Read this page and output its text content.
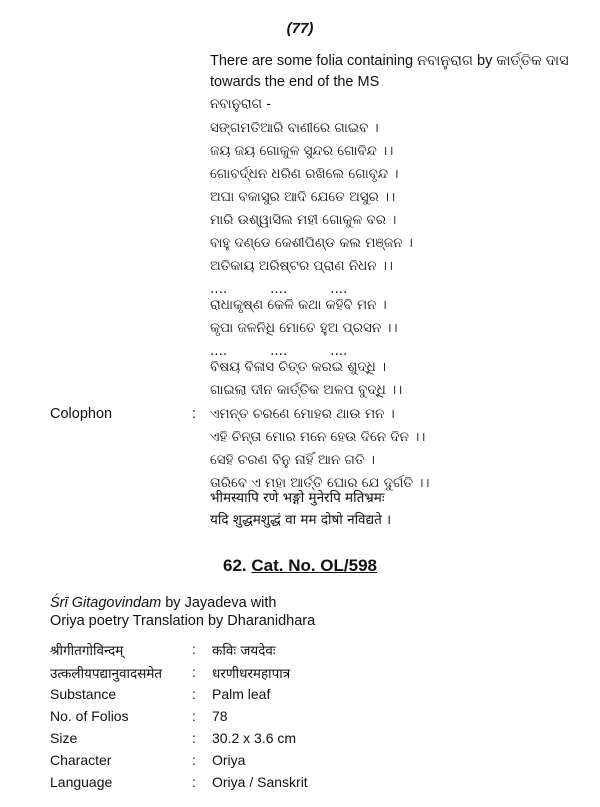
(77)
There are some folia containing ନବାନୁରାଗ by କାର୍ତ୍ତିକ ଦାସ
towards the end of the MS
ନବାନୁରାଗ -
ସଙ୍ଗମତିଆରି ବାଣୀରେ ଗାଇବ ।
ଜୟ ଜୟ ଗୋକୁଳ ସୁନ୍ଦର ଗୋବିନ୍ଦ ।।
ଗୋବର୍ଦ୍ଧନ ଧରିଣ ରଖିଲେ ଗୋବୃନ୍ଦ ।
ଅଘା ବକାସୁର ଆଦି ଯେତେ ଅସୁର ।।
ମାରି ଉଶ୍ୱାସିଲ ମହୀ ଗୋକୁଳ ବର ।
ବାହୁ ଦଣ୍ଡେ କେଶୀପିଣ୍ଡ କଲ ମଞ୍ଜନ ।
ଅତିକାୟ ଅରିଷ୍ଟର ପ୍ରାଣ ନିଧନ ।।
....          ....          ....
ରାଧାକୃଷ୍ଣ କେଳି କଥା କହିବି ମନ ।
କୃପା ଜଳନିଧି ମୋତେ ହୁଅ ପ୍ରସନ ।।
....          ....          ....
ବିଷୟ ବିଳାସ ଚିତ୍ତ କରଇ ଶୁଦ୍ଧି ।
ଗାଇଲା ଦୀନ କାର୍ତ୍ତିକ ଅଳପ ବୁଦ୍ଧି ।।
Colophon	: ଏମନ୍ତ ଚରଣେ ମୋହର ଥାଉ ମନ ।
ଏହି ଚିନ୍ତା ମୋର ମନେ ହେଉ ଦିନେ ଦିନ ।।
ସେହି ଚରଣ ବିନୁ ନାହିଁ ଆନ ଗତି ।
ତାରିବେ ଏ ମହା ଆର୍ତ୍ତି ଘୋର ଯେ ଦୁର୍ଗତି ।।
भीमस्यापि रणे भङ्गो मुनेरपि मतिभ्रमः
यदि शुद्धमशुद्धं वा मम दोषो नविद्यते ।
62. Cat. No. OL/598
Śrī Gitagovindam by Jayadeva with
Oriya poetry Translation by Dharanidhara
श्रीगीतगोविन्दम्	: कविः जयदेवः
उत्कलीयपद्यानुवादसमेत : धरणीधरमहापात्र
Substance	: Palm leaf
No. of Folios	: 78
Size	: 30.2 x 3.6 cm
Character	: Oriya
Language	: Oriya / Sanskrit
